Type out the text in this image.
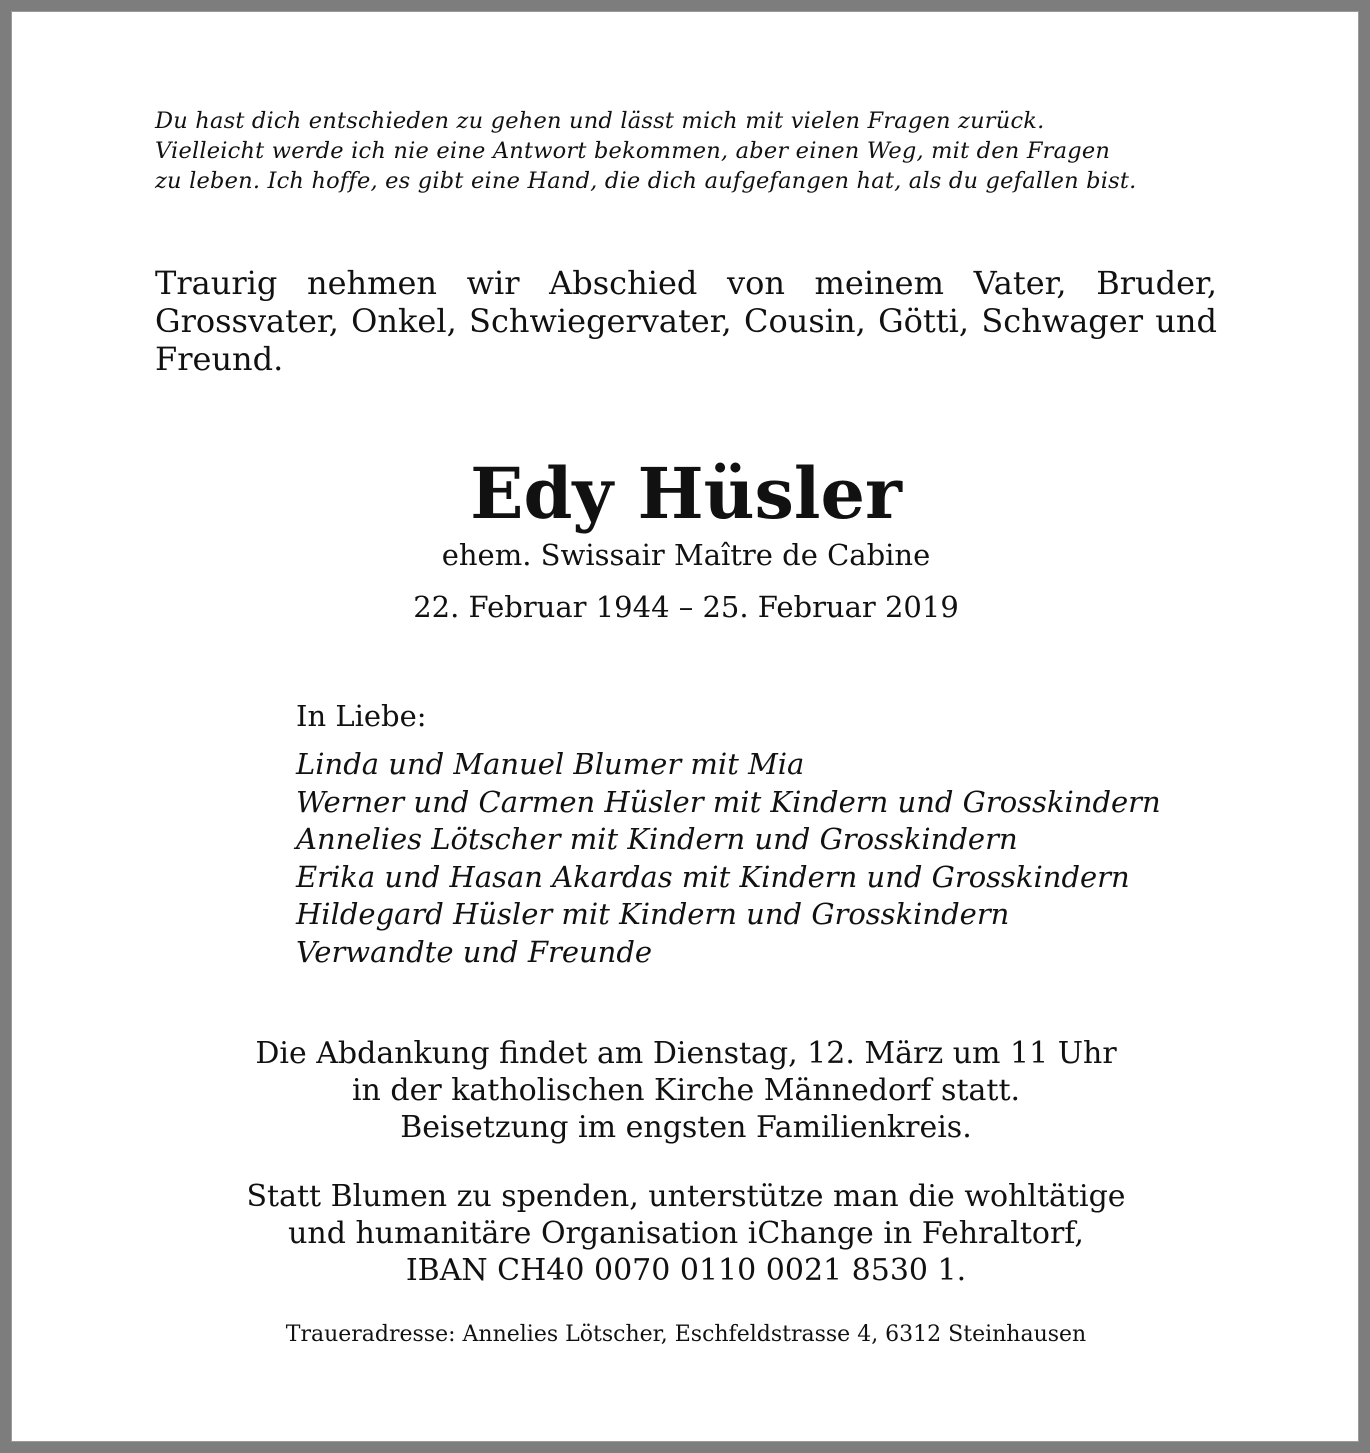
Du hast dich entschieden zu gehen und lässt mich mit vielen Fragen zurück.
Vielleicht werde ich nie eine Antwort bekommen, aber einen Weg, mit den Fragen
zu leben. Ich hoffe, es gibt eine Hand, die dich aufgefangen hat, als du gefallen bist.
Traurig nehmen wir Abschied von meinem Vater, Bruder, Grossvater, Onkel, Schwiegervater, Cousin, Götti, Schwager und Freund.
Edy Hüsler
ehem. Swissair Maître de Cabine
22. Februar 1944 – 25. Februar 2019
In Liebe:
Linda und Manuel Blumer mit Mia
Werner und Carmen Hüsler mit Kindern und Grosskindern
Annelies Lötscher mit Kindern und Grosskindern
Erika und Hasan Akardas mit Kindern und Grosskindern
Hildegard Hüsler mit Kindern und Grosskindern
Verwandte und Freunde
Die Abdankung findet am Dienstag, 12. März um 11 Uhr
in der katholischen Kirche Männedorf statt.
Beisetzung im engsten Familienkreis.
Statt Blumen zu spenden, unterstütze man die wohltätige
und humanitäre Organisation iChange in Fehraltorf,
IBAN CH40 0070 0110 0021 8530 1.
Traueradresse: Annelies Lötscher, Eschfeldstrasse 4, 6312 Steinhausen
